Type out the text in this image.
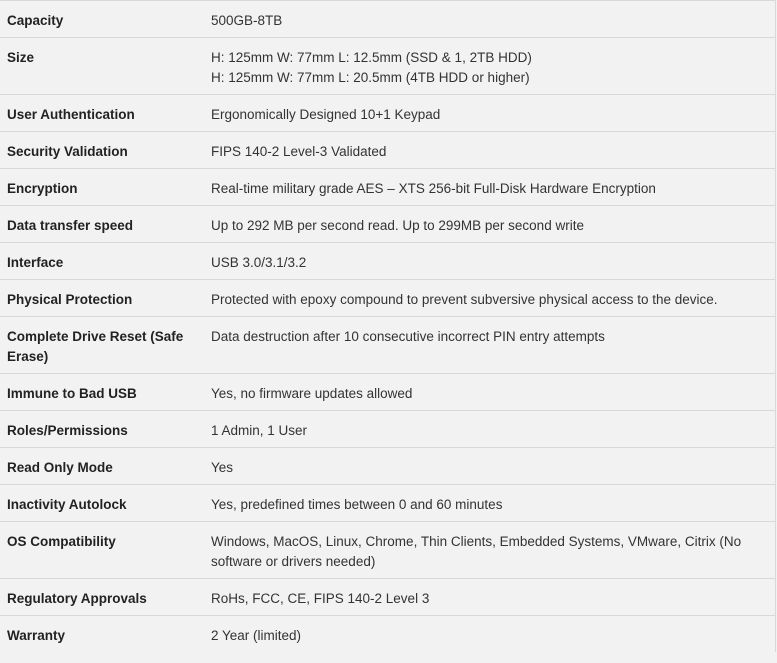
Capacity	500GB-8TB

Size	H: 125mm W: 77mm L: 12.5mm (SSD & 1, 2TB HDD)
H: 125mm W: 77mm L: 20.5mm (4TB HDD or higher)

User Authentication	Ergonomically Designed 10+1 Keypad

Security Validation	FIPS 140-2 Level-3 Validated

Encryption	Real-time military grade AES – XTS 256-bit Full-Disk Hardware Encryption

Data transfer speed	Up to 292 MB per second read. Up to 299MB per second write

Interface	USB 3.0/3.1/3.2

Physical Protection	Protected with epoxy compound to prevent subversive physical access to the device.

Complete Drive Reset (Safe Erase)	Data destruction after 10 consecutive incorrect PIN entry attempts

Immune to Bad USB	Yes, no firmware updates allowed

Roles/Permissions	1 Admin, 1 User

Read Only Mode	Yes

Inactivity Autolock	Yes, predefined times between 0 and 60 minutes

OS Compatibility	Windows, MacOS, Linux, Chrome, Thin Clients, Embedded Systems, VMware, Citrix (No software or drivers needed)

Regulatory Approvals	RoHs, FCC, CE, FIPS 140-2 Level 3

Warranty	2 Year (limited)
